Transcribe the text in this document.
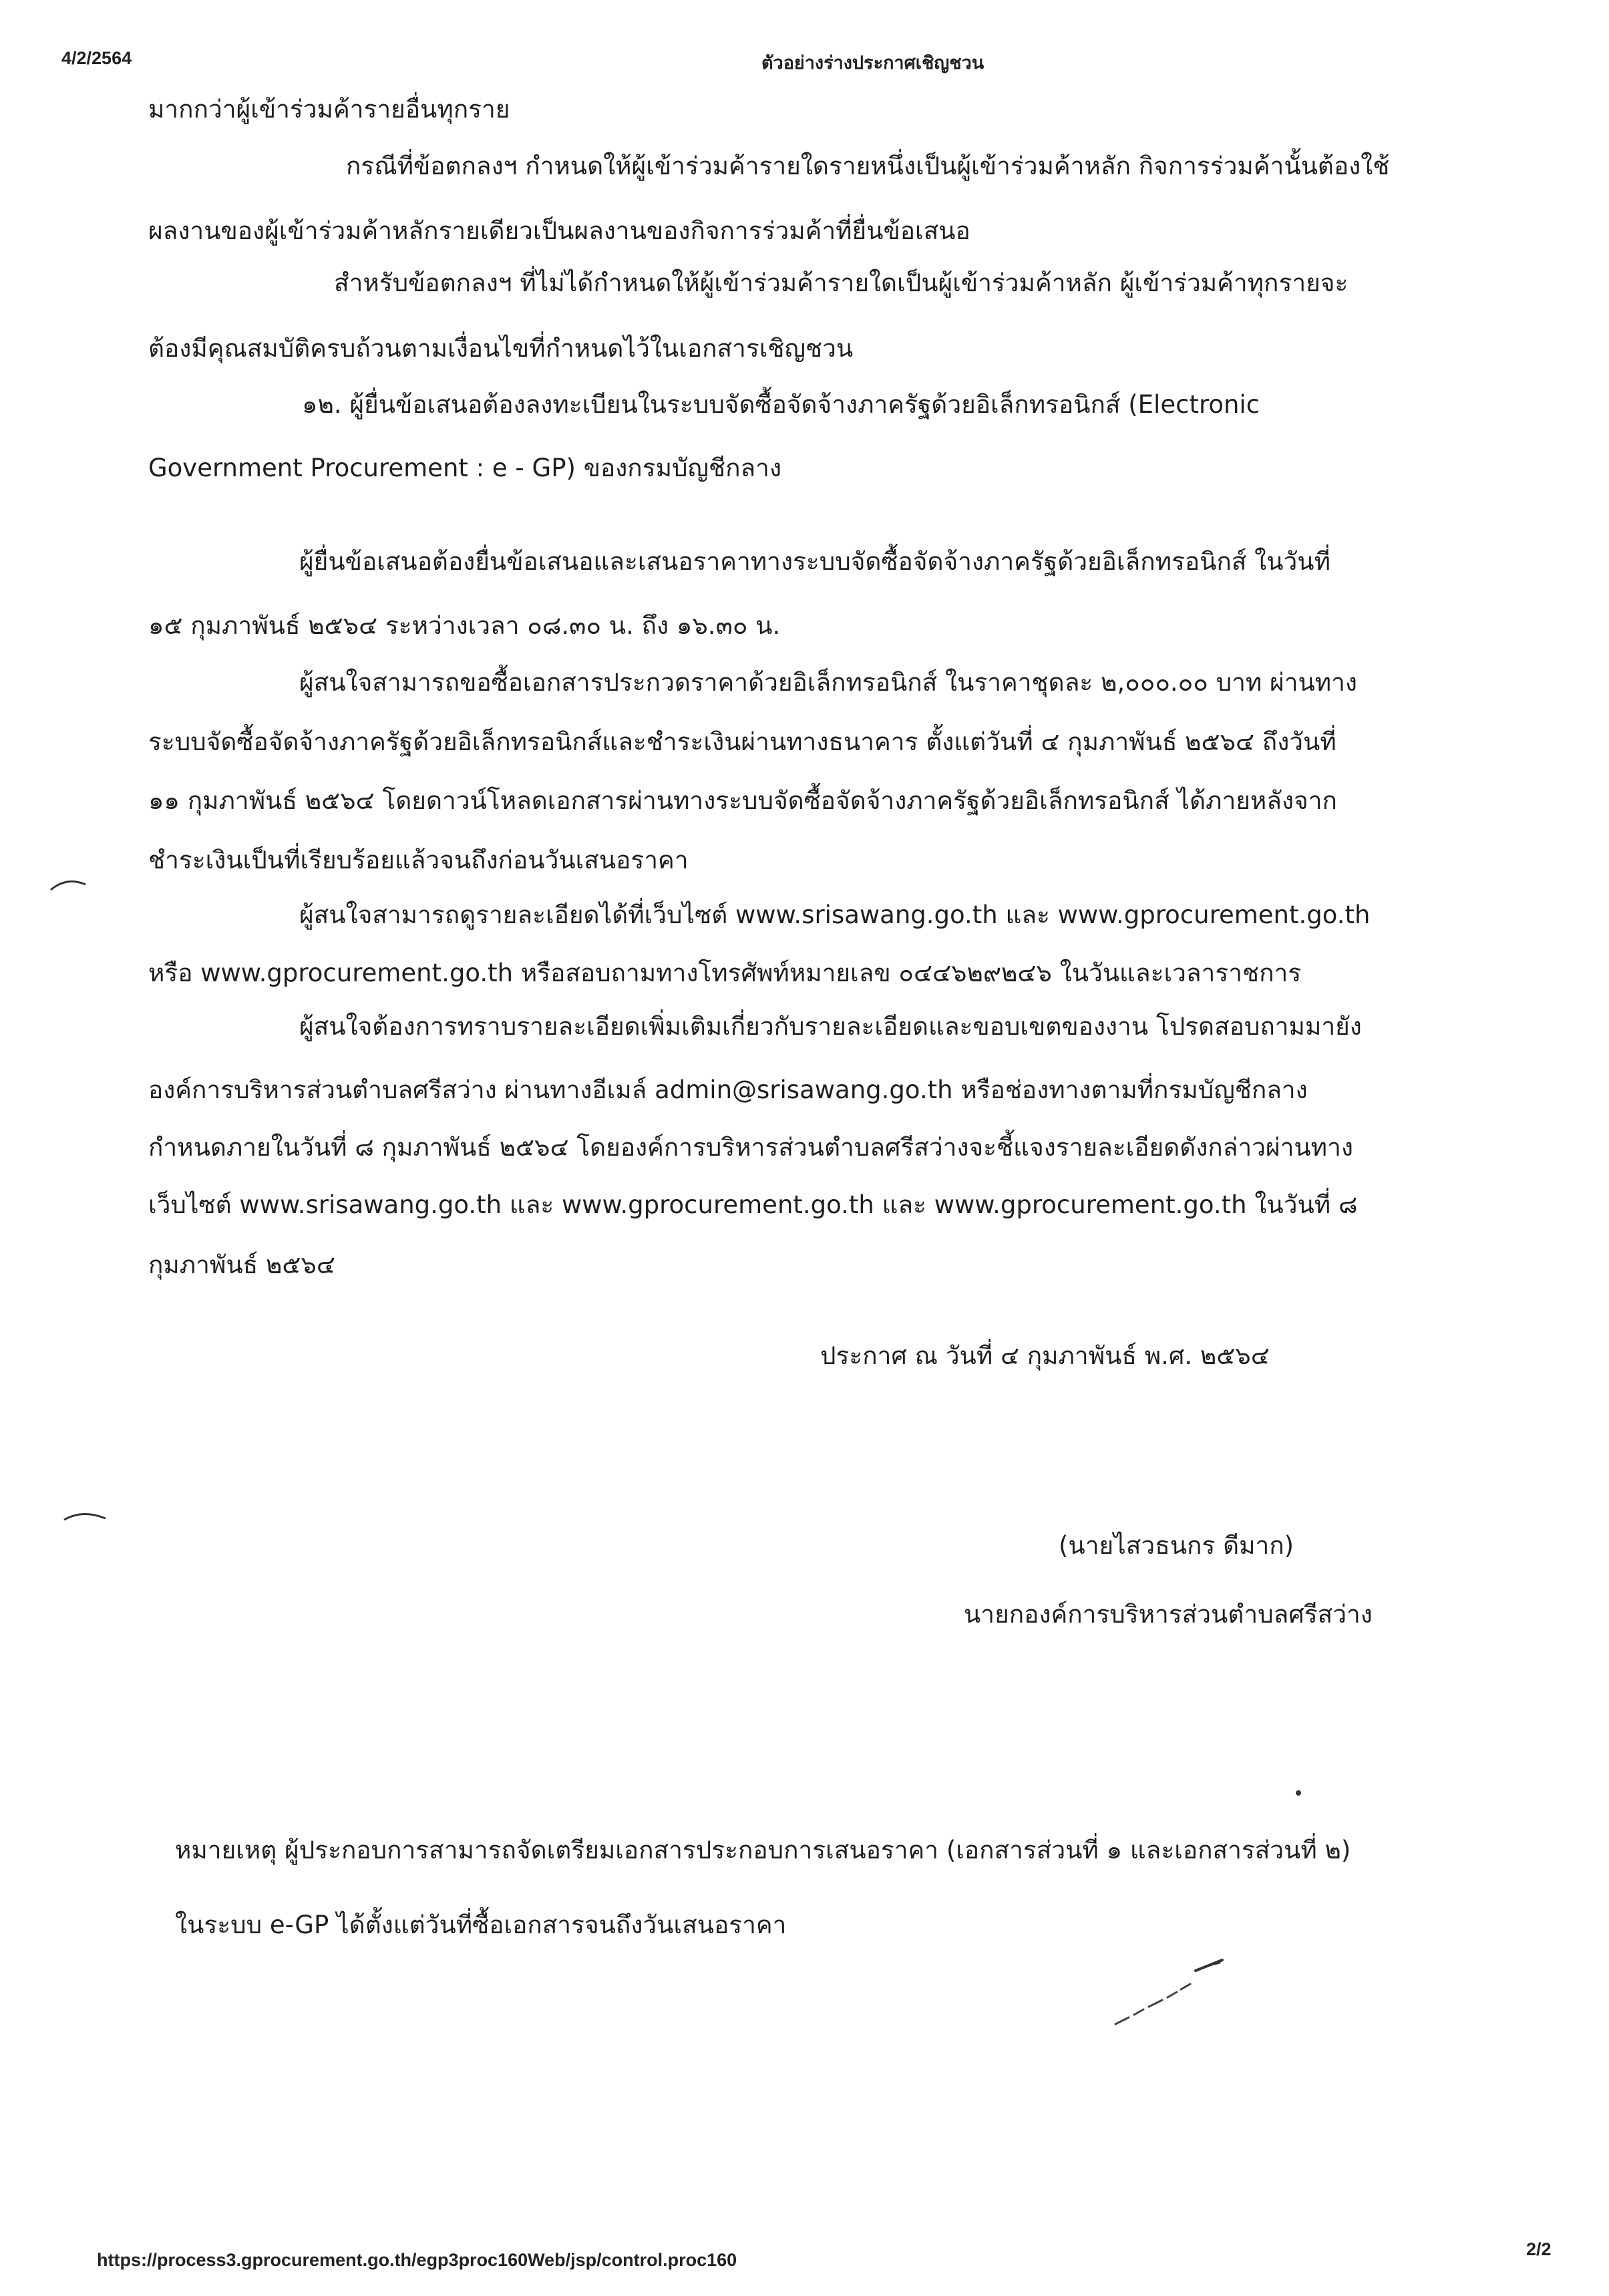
4/2/2564	ตัวอย่างร่างประกาศเชิญชวน
มากกว่าผู้เข้าร่วมค้ารายอื่นทุกราย
กรณีที่ข้อตกลงฯ กำหนดให้ผู้เข้าร่วมค้ารายใดรายหนึ่งเป็นผู้เข้าร่วมค้าหลัก กิจการร่วมค้านั้นต้องใช้
ผลงานของผู้เข้าร่วมค้าหลักรายเดียวเป็นผลงานของกิจการร่วมค้าที่ยื่นข้อเสนอ
สำหรับข้อตกลงฯ ที่ไม่ได้กำหนดให้ผู้เข้าร่วมค้ารายใดเป็นผู้เข้าร่วมค้าหลัก ผู้เข้าร่วมค้าทุกรายจะ
ต้องมีคุณสมบัติครบถ้วนตามเงื่อนไขที่กำหนดไว้ในเอกสารเชิญชวน
๑๒. ผู้ยื่นข้อเสนอต้องลงทะเบียนในระบบจัดซื้อจัดจ้างภาครัฐด้วยอิเล็กทรอนิกส์ (Electronic
Government Procurement : e - GP) ของกรมบัญชีกลาง
ผู้ยื่นข้อเสนอต้องยื่นข้อเสนอและเสนอราคาทางระบบจัดซื้อจัดจ้างภาครัฐด้วยอิเล็กทรอนิกส์ ในวันที่
๑๕ กุมภาพันธ์ ๒๕๖๔ ระหว่างเวลา ๐๘.๓๐ น. ถึง ๑๖.๓๐ น.
ผู้สนใจสามารถขอซื้อเอกสารประกวดราคาด้วยอิเล็กทรอนิกส์ ในราคาชุดละ ๒,๐๐๐.๐๐ บาท ผ่านทาง
ระบบจัดซื้อจัดจ้างภาครัฐด้วยอิเล็กทรอนิกส์และชำระเงินผ่านทางธนาคาร ตั้งแต่วันที่ ๔ กุมภาพันธ์ ๒๕๖๔ ถึงวันที่
๑๑ กุมภาพันธ์ ๒๕๖๔ โดยดาวน์โหลดเอกสารผ่านทางระบบจัดซื้อจัดจ้างภาครัฐด้วยอิเล็กทรอนิกส์ ได้ภายหลังจาก
ชำระเงินเป็นที่เรียบร้อยแล้วจนถึงก่อนวันเสนอราคา
ผู้สนใจสามารถดูรายละเอียดได้ที่เว็บไซต์ www.srisawang.go.th และ www.gprocurement.go.th
หรือ www.gprocurement.go.th หรือสอบถามทางโทรศัพท์หมายเลข ๐๔๔๖๒๙๒๔๖ ในวันและเวลาราชการ
ผู้สนใจต้องการทราบรายละเอียดเพิ่มเติมเกี่ยวกับรายละเอียดและขอบเขตของงาน โปรดสอบถามมายัง
องค์การบริหารส่วนตำบลศรีสว่าง ผ่านทางอีเมล์ admin@srisawang.go.th หรือช่องทางตามที่กรมบัญชีกลาง
กำหนดภายในวันที่ ๘ กุมภาพันธ์ ๒๕๖๔ โดยองค์การบริหารส่วนตำบลศรีสว่างจะชี้แจงรายละเอียดดังกล่าวผ่านทาง
เว็บไซต์ www.srisawang.go.th และ www.gprocurement.go.th และ www.gprocurement.go.th ในวันที่ ๘
กุมภาพันธ์ ๒๕๖๔
ประกาศ ณ วันที่ ๔ กุมภาพันธ์ พ.ศ. ๒๕๖๔
(นายไสวธนกร ดีมาก)
นายกองค์การบริหารส่วนตำบลศรีสว่าง
หมายเหตุ ผู้ประกอบการสามารถจัดเตรียมเอกสารประกอบการเสนอราคา (เอกสารส่วนที่ ๑ และเอกสารส่วนที่ ๒)
ในระบบ e-GP ได้ตั้งแต่วันที่ซื้อเอกสารจนถึงวันเสนอราคา
https://process3.gprocurement.go.th/egp3proc160Web/jsp/control.proc160
2/2
